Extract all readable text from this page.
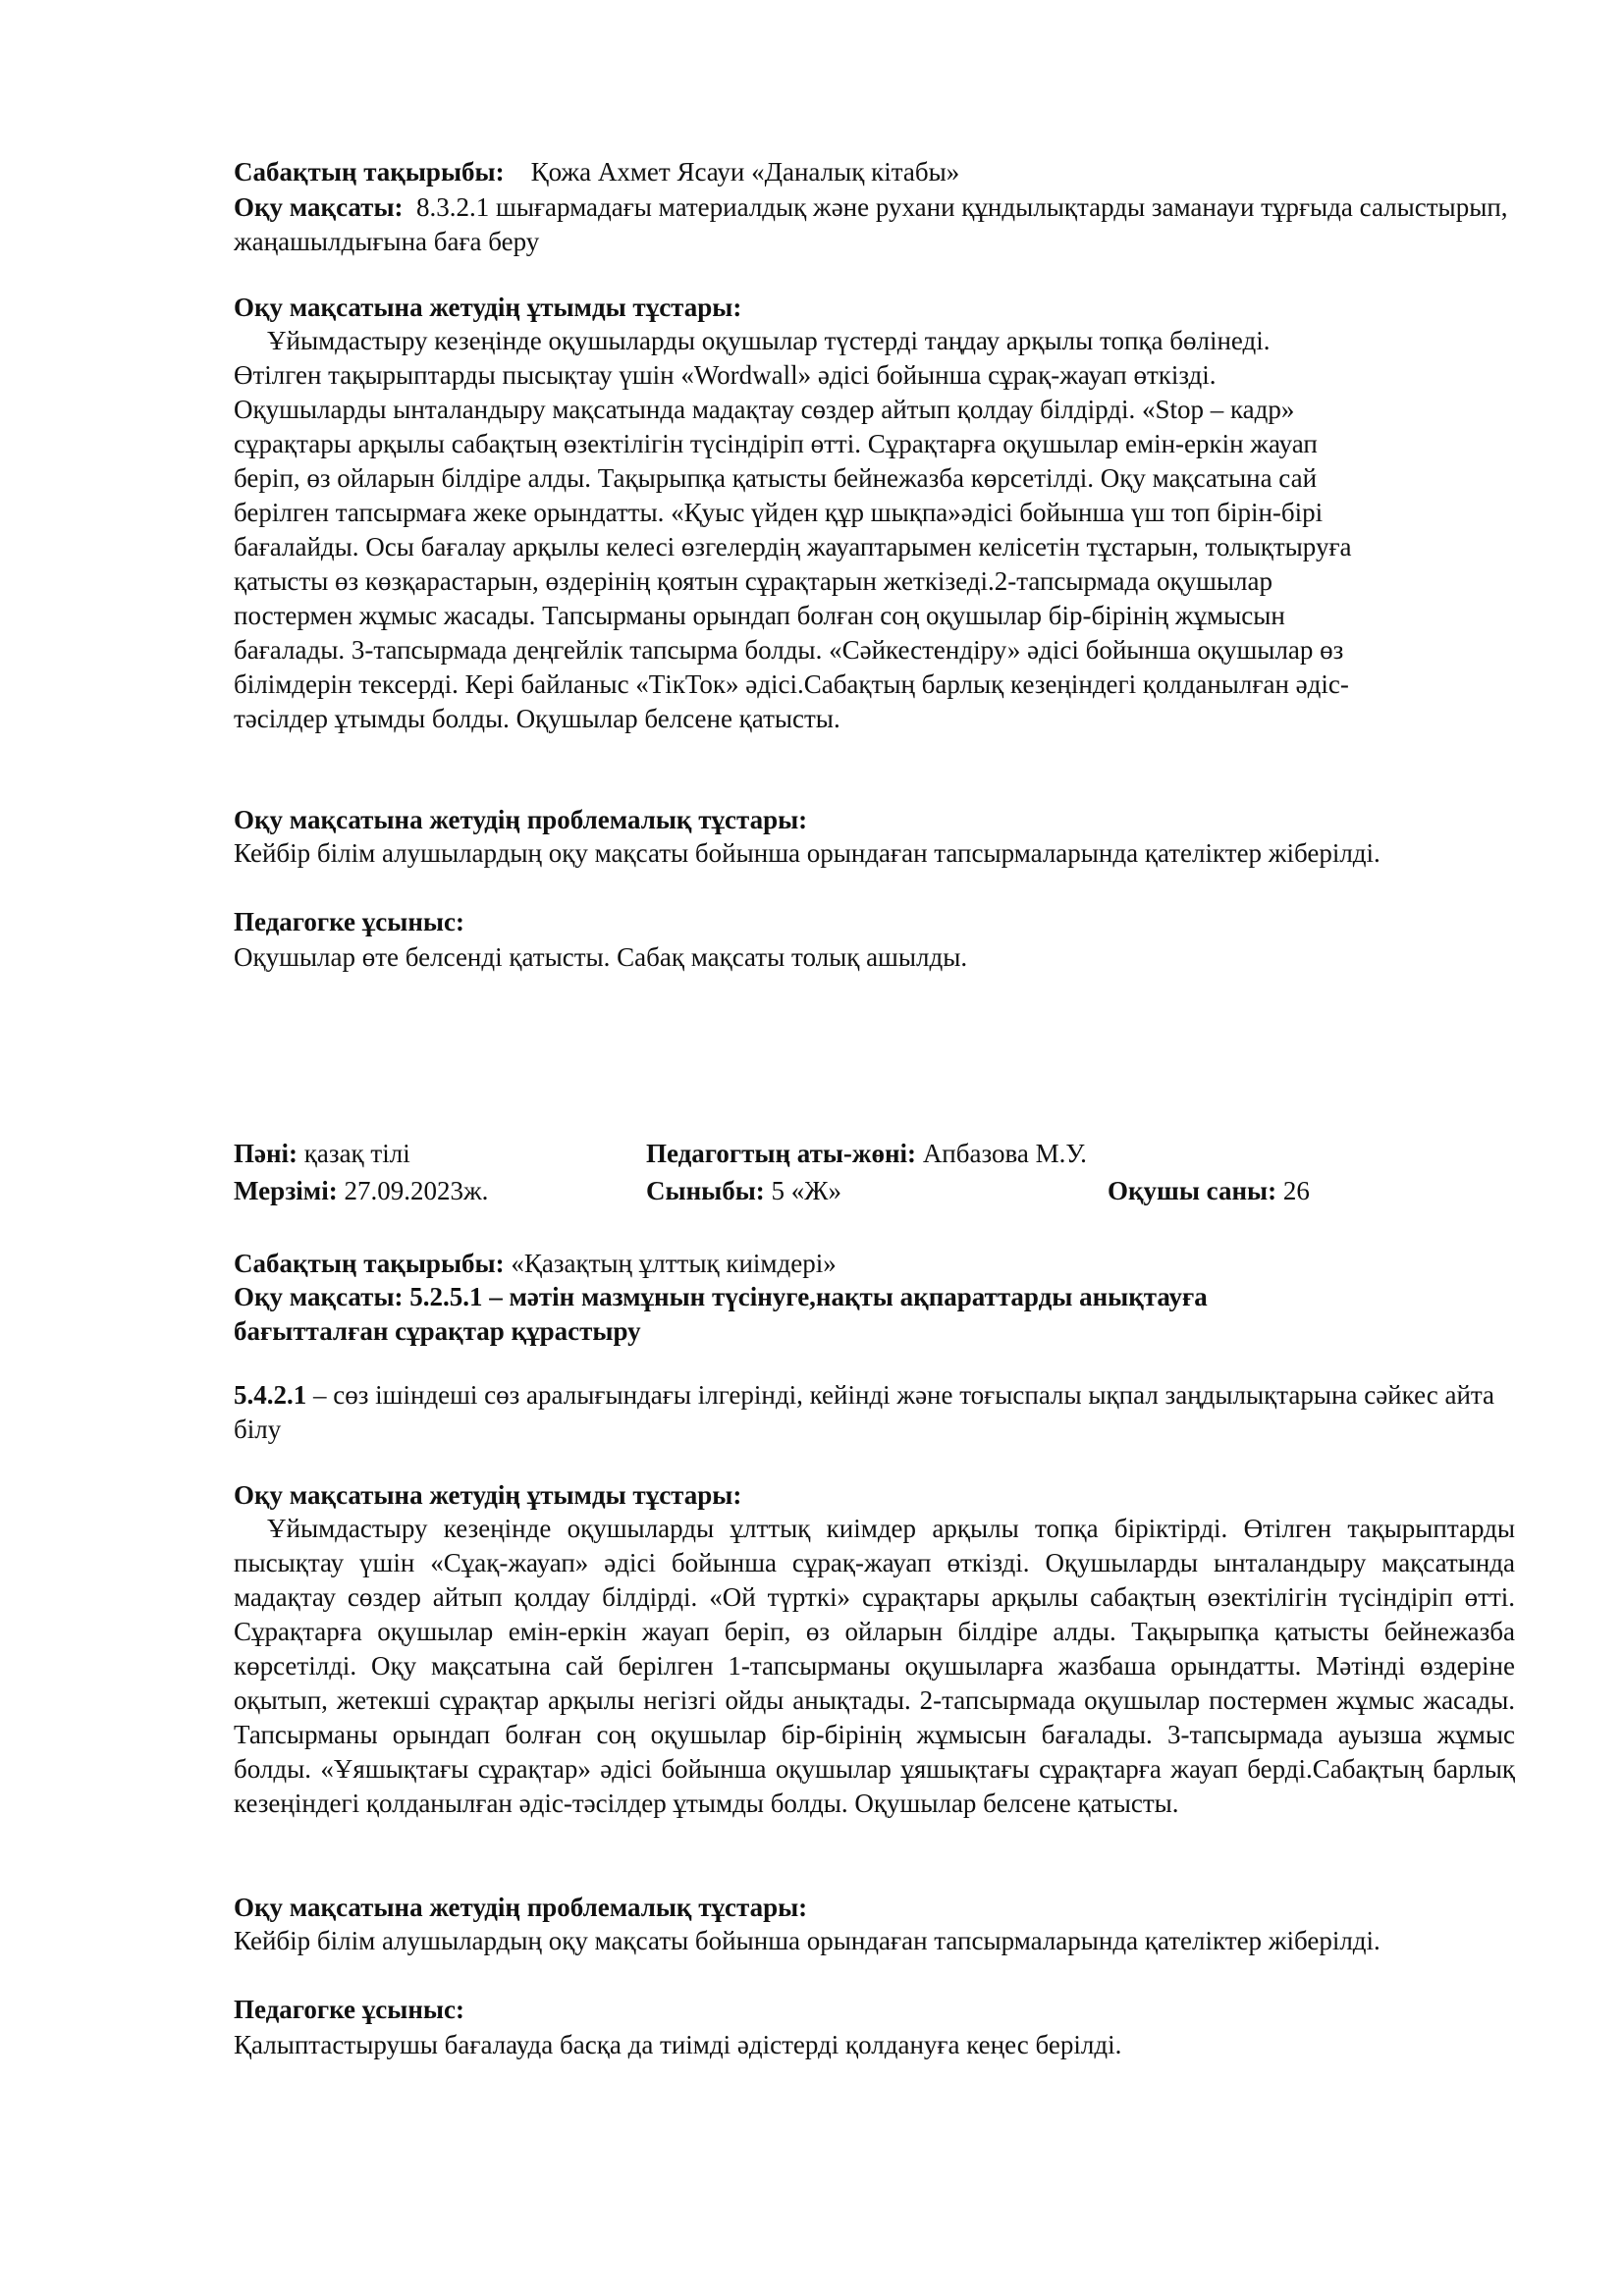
Сабақтың тақырыбы: Қожа Ахмет Ясауи «Даналық кітабы»

Оқу мақсаты: 8.3.2.1 шығармадағы материалдық және рухани құндылықтарды заманауи тұрғыда салыстырып, жаңашылдығына баға беру

Оқу мақсатына жетудің ұтымды тұстары:

Ұйымдастыру кезеңінде оқушыларды оқушылар түстерді таңдау арқылы топқа бөлінеді.

Өтілген тақырыптарды пысықтау үшін «Wordwall» әдісі бойынша сұрақ-жауап өткізді.

Оқушыларды ынталандыру мақсатында мадақтау сөздер айтып қолдау білдірді. «Stop – кадр»

сұрақтары арқылы сабақтың өзектілігін түсіндіріп өтті. Сұрақтарға оқушылар емін-еркін жауап

беріп, өз ойларын білдіре алды. Тақырыпқа қатысты бейнежазба көрсетілді. Оқу мақсатына сай

берілген тапсырмаға жеке орындатты. «Қуыс үйден құр шықпа»әдісі бойынша үш топ бірін-бірі

бағалайды. Осы бағалау арқылы келесі өзгелердің жауаптарымен келісетін тұстарын, толықтыруға

қатысты өз көзқарастарын, өздерінің қоятын сұрақтарын жеткізеді.2-тапсырмада оқушылар

постермен жұмыс жасады. Тапсырманы орындап болған соң оқушылар бір-бірінің жұмысын

бағалады. 3-тапсырмада деңгейлік тапсырма болды. «Сәйкестендіру» әдісі бойынша оқушылар өз

білімдерін тексерді. Кері байланыс «ТікТок» әдісі.Сабақтың барлық кезеңіндегі қолданылған әдіс-

тәсілдер ұтымды болды. Оқушылар белсене қатысты.

Оқу мақсатына жетудің проблемалық тұстары:

Кейбір білім алушылардың оқу мақсаты бойынша орындаған тапсырмаларында қателіктер жіберілді.

Педагогке ұсыныс:

Оқушылар өте белсенді қатысты. Сабақ мақсаты толық ашылды.

Пәні: қазақ тілі	Педагогтың аты-жөні: Апбазова М.У.
Мерзімі: 27.09.2023ж.	Сыныбы: 5 «Ж»	Оқушы саны: 26

Сабақтың тақырыбы: «Қазақтың ұлттық киімдері»

Оқу мақсаты: 5.2.5.1 – мәтін мазмұнын түсінуге,нақты ақпараттарды анықтауға бағытталған сұрақтар құрастыру

5.4.2.1 – сөз ішіндеші сөз аралығындағы ілгерінді, кейінді және тоғыспалы ықпал заңдылықтарына сәйкес айта білу

Оқу мақсатына жетудің ұтымды тұстары:

Ұйымдастыру кезеңінде оқушыларды ұлттық киімдер арқылы топқа біріктірді. Өтілген тақырыптарды пысықтау үшін «Сұақ-жауап» әдісі бойынша сұрақ-жауап өткізді. Оқушыларды ынталандыру мақсатында мадақтау сөздер айтып қолдау білдірді. «Ой түрткі» сұрақтары арқылы сабақтың өзектілігін түсіндіріп өтті. Сұрақтарға оқушылар емін-еркін жауап беріп, өз ойларын білдіре алды. Тақырыпқа қатысты бейнежазба көрсетілді. Оқу мақсатына сай берілген 1-тапсырманы оқушыларға жазбаша орындатты. Мәтінді өздеріне оқытып, жетекші сұрақтар арқылы негізгі ойды анықтады. 2-тапсырмада оқушылар постермен жұмыс жасады. Тапсырманы орындап болған соң оқушылар бір-бірінің жұмысын бағалады. 3-тапсырмада ауызша жұмыс болды. «Ұяшықтағы сұрақтар» әдісі бойынша оқушылар ұяшықтағы сұрақтарға жауап берді.Сабақтың барлық кезеңіндегі қолданылған әдіс-тәсілдер ұтымды болды. Оқушылар белсене қатысты.

Оқу мақсатына жетудің проблемалық тұстары:

Кейбір білім алушылардың оқу мақсаты бойынша орындаған тапсырмаларында қателіктер жіберілді.

Педагогке ұсыныс:

Қалыптастырушы бағалауда басқа да тиімді әдістерді қолдануға кеңес берілді.
